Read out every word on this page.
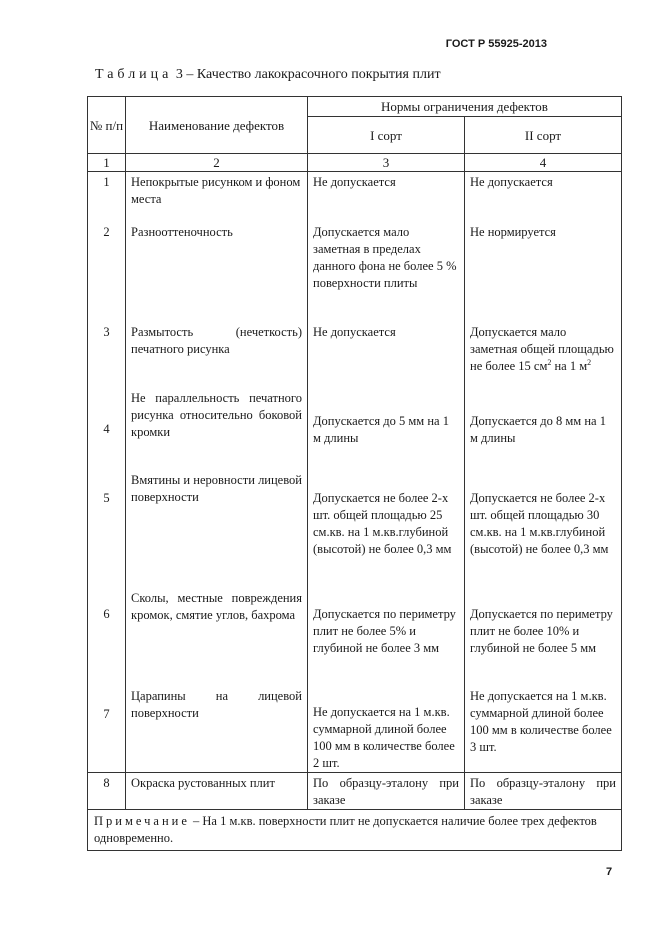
ГОСТ Р 55925-2013
Таблица 3 – Качество лакокрасочного покрытия плит
№ п/п	Наименование дефектов	Нормы ограничения дефектов	
		I сорт	II сорт
1	2	3	4

1	Непокрытые рисунком и фоном места	Не допускается	Не допускается

2	Разнооттеночность	Допускается мало заметная в пределах данного фона не более 5 % поверхности плиты	Не нормируется

3	Размытость (нечеткость) печатного рисунка	Не допускается	Допускается мало заметная общей площадью не более 15 $см^2$ на 1 $м^2$

4	Не параллельность печатного рисунка относительно боковой кромки	Допускается до 5 мм на 1 м длины	Допускается до 8 мм на 1 м длины

5	Вмятины и неровности лицевой поверхности	Допускается не более 2-х шт. общей площадью 25 см.кв. на 1 м.кв.глубиной (высотой) не более 0,3 мм	Допускается не более 2-х шт. общей площадью 30 см.кв. на 1 м.кв.глубиной (высотой) не более 0,3 мм

6	Сколы, местные повреждения кромок, смятие углов, бахрома	Допускается по периметру плит не более 5% и глубиной не более 3 мм	Допускается по периметру плит не более 10% и глубиной не более 5 мм

7	Царапины на лицевой поверхности	Не допускается на 1 м.кв. суммарной длиной более 100 мм в количестве более 2 шт.	Не допускается на 1 м.кв. суммарной длиной более 100 мм в количестве более 3 шт.

8	Окраска рустованных плит	По образцу-эталону при заказе	По образцу-эталону при заказе

Примечание – На 1 м.кв. поверхности плит не допускается наличие более трех дефектов одновременно.			
7
